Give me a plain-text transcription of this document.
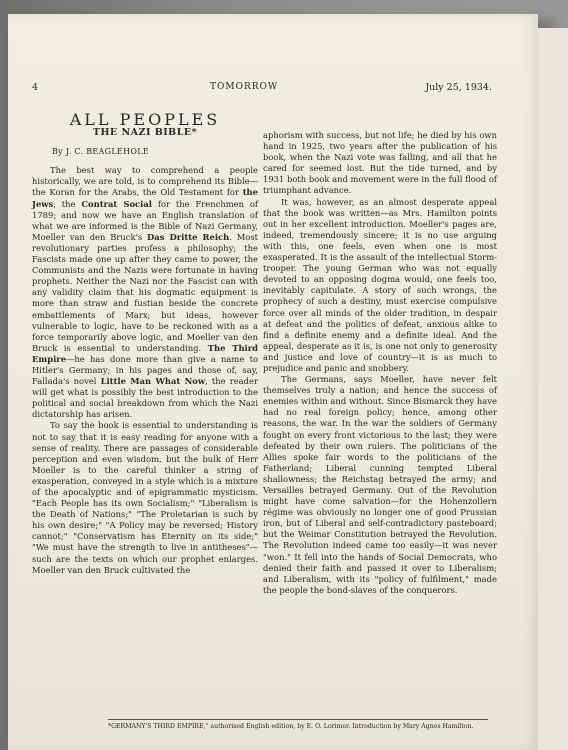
4	TOMORROW	July 25, 1934.
ALL PEOPLES
THE NAZI BIBLE*
By J. C. BEAGLEHOLE

The best way to comprehend a people historically, we are told, is to comprehend its Bible—the Koran for the Arabs, the Old Testament for the Jews, the Contrat Social for the Frenchmen of 1789; and now we have an English translation of what we are informed is the Bible of Nazi Germany, Moeller van den Bruck's Das Dritte Reich. Most revolutionary parties profess a philosophy; the Fascists made one up after they came to power, the Communists and the Nazis were fortunate in having prophets. Neither the Nazi nor the Fascist can with any validity claim that his dogmatic equipment is more than straw and fustian beside the concrete embattlements of Marx; but ideas, however vulnerable to logic, have to be reckoned with as a force temporarily above logic, and Moeller van den Bruck is essential to understanding. The Third Empire—he has done more than give a name to Hitler's Germany; in his pages and those of, say, Fallada's novel Little Man What Now, the reader will get what is possibly the best introduction to the political and social breakdown from which the Nazi dictatorship has arisen.

To say the book is essential to understanding is not to say that it is easy reading for anyone with a sense of reality. There are passages of considerable perception and even wisdom, but the bulk of Herr Moeller is to the careful thinker a string of exasperation, conveyed in a style which is a mixture of the apocalyptic and of epigrammatic mysticism. "Each People has its own Socialism;" "Liberalism is the Death of Nations;" "The Proletarian is such by his own desire;" "A Policy may be reversed; History cannot;" "Conservatism has Eternity on its side;" "We must have the strength to live in antitheses"—such are the texts on which our prophet enlarges. Moeller van den Bruck cultivated the

aphorism with success, but not life; he died by his own hand in 1925, two years after the publication of his book, when the Nazi vote was falling, and all that he cared for seemed lost. But the tide turned, and by 1931 both book and movement were in the full flood of triumphant advance.

It was, however, as an almost desperate appeal that the book was written—as Mrs. Hamilton points out in her excellent introduction. Moeller's pages are, indeed, tremendously sincere; it is no use arguing with this, one feels, even when one is most exasperated. It is the assault of the intellectual Storm-trooper. The young German who was not equally devoted to an opposing dogma would, one feels too, inevitably capitulate. A story of such wrongs, the prophecy of such a destiny, must exercise compulsive force over all minds of the older tradition, in despair at defeat and the politics of defeat, anxious alike to find a definite enemy and a definite ideal. And the appeal, desperate as it is, is one not only to generosity and justice and love of country—it is as much to prejudice and panic and snobbery.

The Germans, says Moeller, have never felt themselves truly a nation; and hence the success of enemies within and without. Since Bismarck they have had no real foreign policy; hence, among other reasons, the war. In the war the soldiers of Germany fought on every front victorious to the last; they were defeated by their own rulers. The politicians of the Allies spoke fair words to the politicians of the Fatherland; Liberal cunning tempted Liberal shallowness; the Reichstag betrayed the army; and Versailles betrayed Germany. Out of the Revolution might have come salvation—for the Hohenzollern régime was obviously no longer one of good Prussian iron, but of Liberal and self-contradictory pasteboard; but the Weimar Constitution betrayed the Revolution. The Revolution indeed came too easily—it was never "won." It fell into the hands of Social Democrats, who denied their faith and passed it over to Liberalism; and Liberalism, with its "policy of fulfilment," made the people the bond-slaves of the conquerors.

*GERMANY'S THIRD EMPIRE," authorised English edition, by E. O. Lorimer. Introduction by Mary Agnes Hamilton.
